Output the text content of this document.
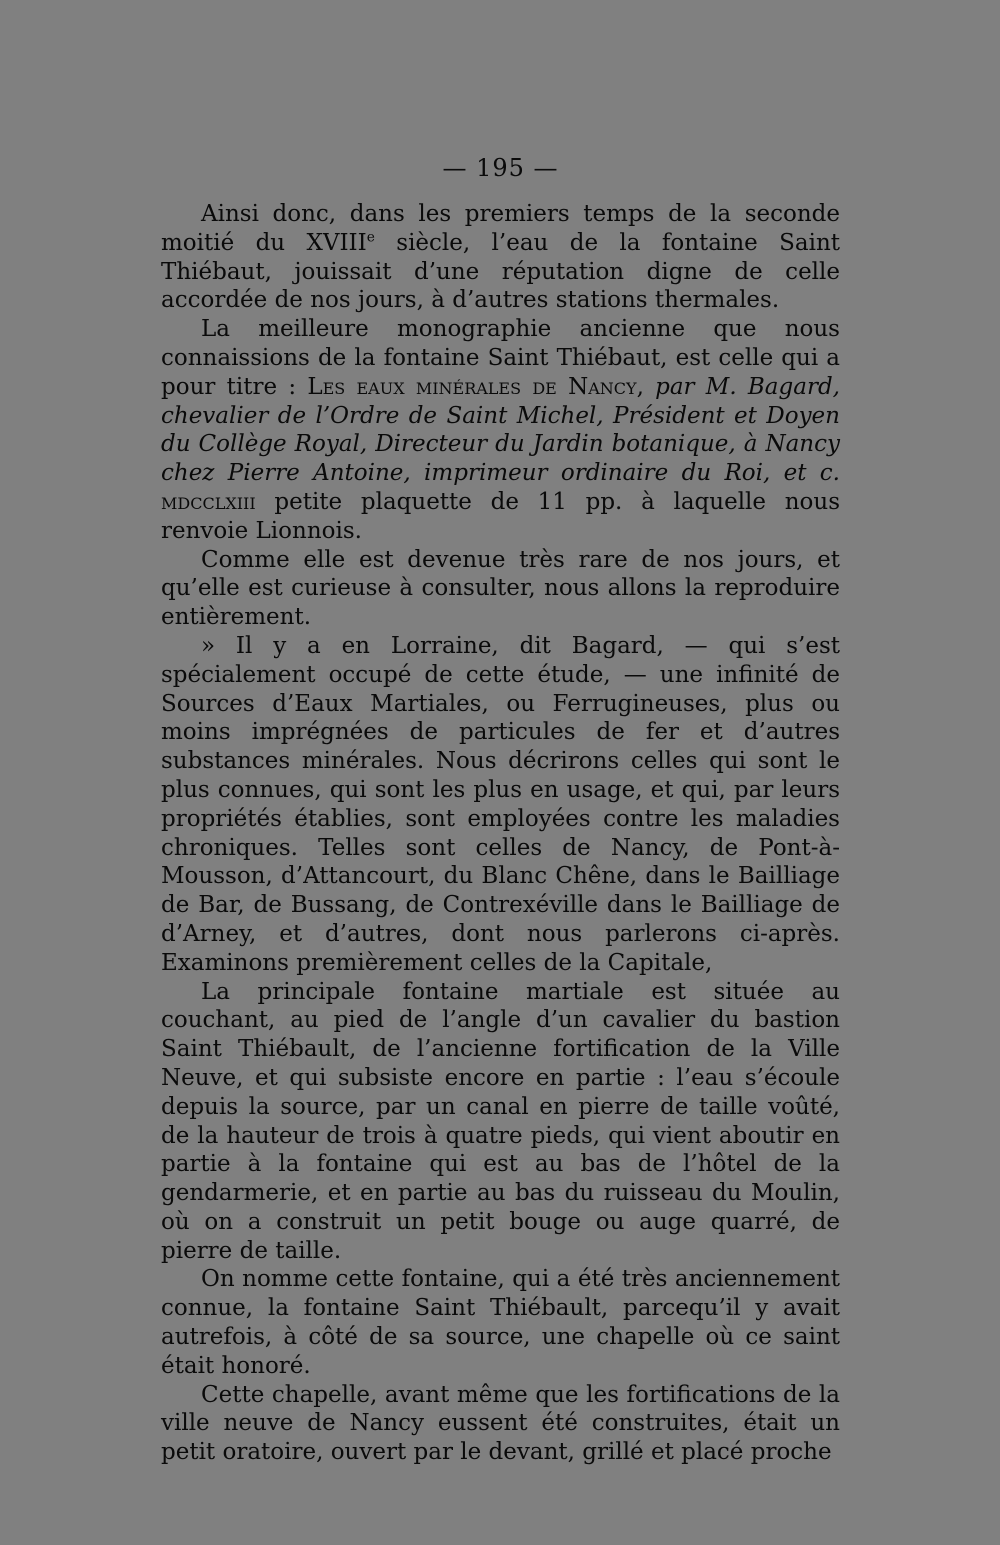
— 195 —

Ainsi donc, dans les premiers temps de la seconde moitié du XVIIIe siècle, l’eau de la fontaine Saint Thiébaut, jouissait d’une réputation digne de celle accordée de nos jours, à d’autres stations thermales.

La meilleure monographie ancienne que nous connaissions de la fontaine Saint Thiébaut, est celle qui a pour titre : Les eaux minérales de Nancy, par M. Bagard, chevalier de l’Ordre de Saint Michel, Président et Doyen du Collège Royal, Directeur du Jardin botanique, à Nancy chez Pierre Antoine, imprimeur ordinaire du Roi, et c. mdcclxiii petite plaquette de 11 pp. à laquelle nous renvoie Lionnois.

Comme elle est devenue très rare de nos jours, et qu’elle est curieuse à consulter, nous allons la reproduire entièrement.

» Il y a en Lorraine, dit Bagard, — qui s’est spécialement occupé de cette étude, — une infinité de Sources d’Eaux Martiales, ou Ferrugineuses, plus ou moins imprégnées de particules de fer et d’autres substances minérales. Nous décrirons celles qui sont le plus connues, qui sont les plus en usage, et qui, par leurs propriétés établies, sont employées contre les maladies chroniques. Telles sont celles de Nancy, de Pont-à-Mousson, d’Attancourt, du Blanc Chêne, dans le Bailliage de Bar, de Bussang, de Contrexéville dans le Bailliage de d’Arney, et d’autres, dont nous parlerons ci-après. Examinons premièrement celles de la Capitale,

La principale fontaine martiale est située au couchant, au pied de l’angle d’un cavalier du bastion Saint Thiébault, de l’ancienne fortification de la Ville Neuve, et qui subsiste encore en partie : l’eau s’écoule depuis la source, par un canal en pierre de taille voûté, de la hauteur de trois à quatre pieds, qui vient aboutir en partie à la fontaine qui est au bas de l’hôtel de la gendarmerie, et en partie au bas du ruisseau du Moulin, où on a construit un petit bouge ou auge quarré, de pierre de taille.

On nomme cette fontaine, qui a été très anciennement connue, la fontaine Saint Thiébault, parcequ’il y avait autrefois, à côté de sa source, une chapelle où ce saint était honoré.

Cette chapelle, avant même que les fortifications de la ville neuve de Nancy eussent été construites, était un petit oratoire, ouvert par le devant, grillé et placé proche
